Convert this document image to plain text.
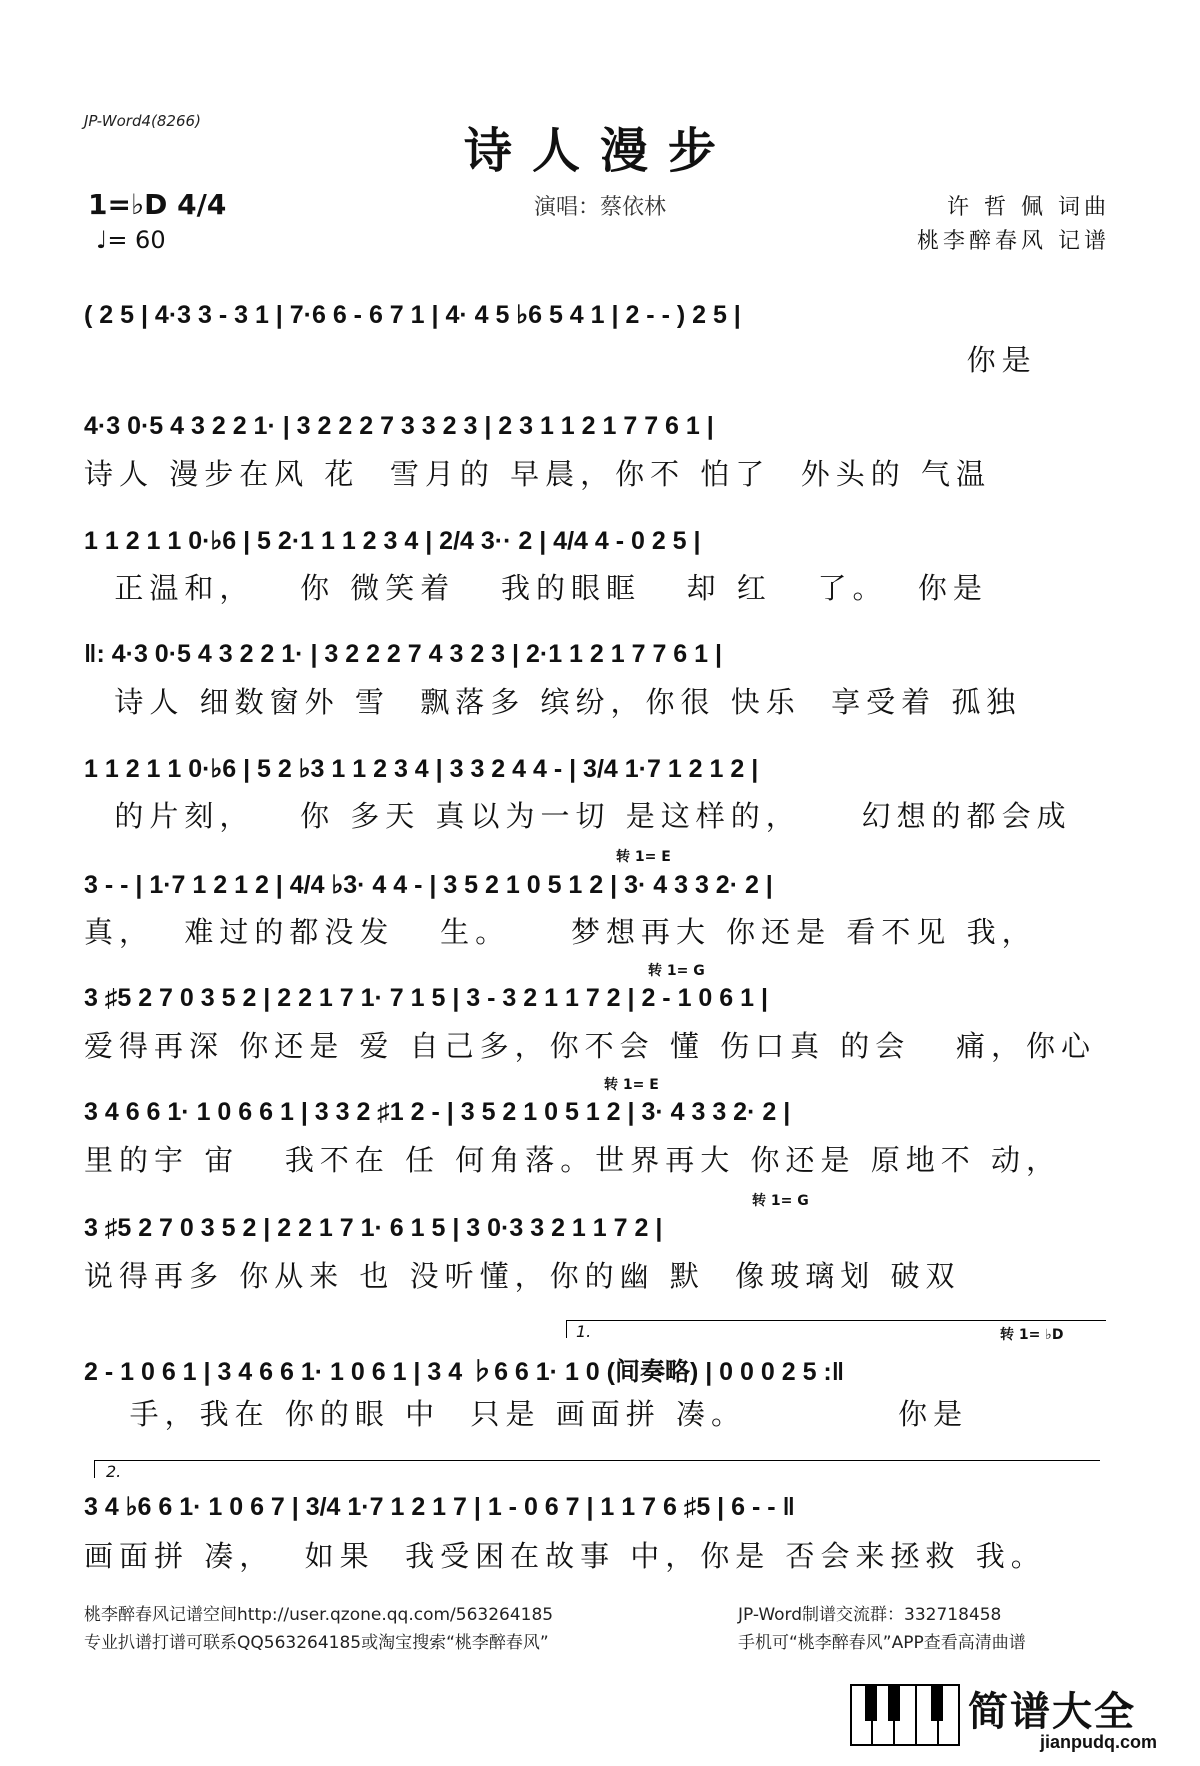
JP-Word4(8266)
诗人漫步
1=♭D 4/4
♩= 60
演唱：蔡依林	许 哲 佩 词曲
桃李醉春风 记谱
( 2 5 | 4·3 3 - 3 1 | 7·6 6 - 6 7 1 | 4· 4 5 ♭6 5 4 1 | 2 - - ) 2 5 |
你是
4·3 0·5 4 3 2 2 1· | 3 2 2 2 7 3 3 2 3 | 2 3 1 1 2 1 7 7 6 1 |
诗人 漫步在风 花  雪月的 早晨，你不 怕了  外头的 气温
1 1 2 1 1 0·♭6 | 5 2·1 1 1 2 3 4 | 2/4 3·· 2 | 4/4 4 - 0 2 5 |
正温和，   你 微笑着   我的眼眶   却 红   了。  你是
‖: 4·3 0·5 4 3 2 2 1· | 3 2 2 2 7 4 3 2 3 | 2·1 1 2 1 7 7 6 1 |
诗人 细数窗外 雪  飘落多 缤纷，你很 快乐  享受着 孤独
1 1 2 1 1 0·♭6 | 5 2 ♭3 1 1 2 3 4 | 3 3 2 4 4 - | 3/4 1·7 1 2 1 2 |
的片刻，   你 多天 真以为一切 是这样的，    幻想的都会成
转 1= E
3 - - | 1·7 1 2 1 2 | 4/4 ♭3· 4 4 - | 3 5 2 1 0 5 1 2 | 3· 4 3 3 2· 2 |
真，  难过的都没发   生。    梦想再大 你还是 看不见 我，
转 1= G
3 ♯5 2 7 0 3 5 2 | 2 2 1 7 1· 7 1 5 | 3 - 3 2 1 1 7 2 | 2 - 1 0 6 1 |
爱得再深 你还是 爱 自己多，你不会 懂 伤口真 的会   痛，你心
转 1= E
3 4 6 6 1· 1 0 6 6 1 | 3 3 2 ♯1 2 - | 3 5 2 1 0 5 1 2 | 3· 4 3 3 2· 2 |
里的宇 宙   我不在 任 何角落。世界再大 你还是 原地不 动，
转 1= G
3 ♯5 2 7 0 3 5 2 | 2 2 1 7 1· 6 1 5 | 3 0·3 3 2 1 1 7 2 |
说得再多 你从来 也 没听懂，你的幽 默  像玻璃划 破双
1.	转 1= ♭D
2 - 1 0 6 1 | 3 4 6 6 1· 1 0 6 1 | 3 4 ♭6 6 1· 1 0 (间奏略) | 0 0 0 2 5 :‖
手，我在 你的眼 中  只是 画面拼 凑。          你是
2.
3 4 ♭6 6 1· 1 0 6 7 | 3/4 1·7 1 2 1 7 | 1 - 0 6 7 | 1 1 7 6 ♯5 | 6 - - ‖
画面拼 凑，  如果  我受困在故事 中，你是 否会来拯救 我。
桃李醉春风记谱空间http://user.qzone.qq.com/563264185
专业扒谱打谱可联系QQ563264185或淘宝搜索“桃李醉春风”
JP-Word制谱交流群：332718458
手机可“桃李醉春风”APP查看高清曲谱
简谱大全
jianpudq.com
